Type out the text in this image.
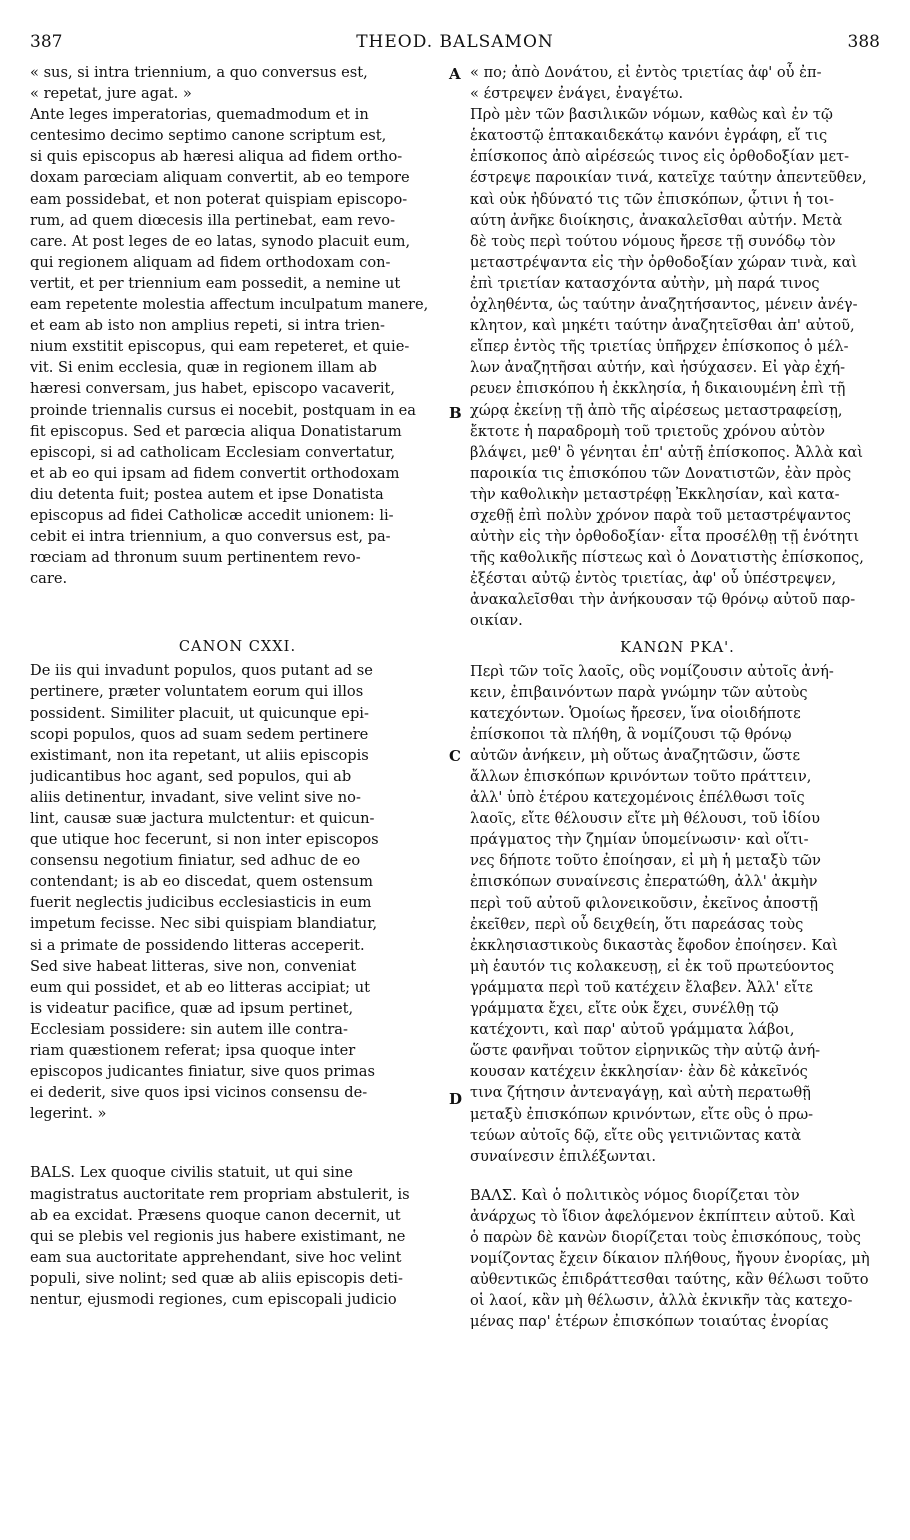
387	THEOD. BALSAMON	388
A
B
C
D
« sus, si intra triennium, a quo conversus est,
« repetat, jure agat. »
Ante leges imperatorias, quemadmodum et in
centesimo decimo septimo canone scriptum est,
si quis episcopus ab hæresi aliqua ad fidem ortho-
doxam parœciam aliquam convertit, ab eo tempore
eam possidebat, et non poterat quispiam episcopo-
rum, ad quem diœcesis illa pertinebat, eam revo-
care. At post leges de eo latas, synodo placuit eum,
qui regionem aliquam ad fidem orthodoxam con-
vertit, et per triennium eam possedit, a nemine ut
eam repetente molestia affectum inculpatum manere,
et eam ab isto non amplius repeti, si intra trien-
nium exstitit episcopus, qui eam repeteret, et quie-
vit. Si enim ecclesia, quæ in regionem illam ab
hæresi conversam, jus habet, episcopo vacaverit,
proinde triennalis cursus ei nocebit, postquam in ea
fit episcopus. Sed et parœcia aliqua Donatistarum
episcopi, si ad catholicam Ecclesiam convertatur,
et ab eo qui ipsam ad fidem convertit orthodoxam
diu detenta fuit; postea autem et ipse Donatista
episcopus ad fidei Catholicæ accedit unionem: li-
cebit ei intra triennium, a quo conversus est, pa-
rœciam ad thronum suum pertinentem revo-
care.
CANON CXXI.
De iis qui invadunt populos, quos putant ad se
pertinere, præter voluntatem eorum qui illos
possident. Similiter placuit, ut quicunque epi-
scopi populos, quos ad suam sedem pertinere
existimant, non ita repetant, ut aliis episcopis
judicantibus hoc agant, sed populos, qui ab
aliis detinentur, invadant, sive velint sive no-
lint, causæ suæ jactura mulctentur: et quicun-
que utique hoc fecerunt, si non inter episcopos
consensu negotium finiatur, sed adhuc de eo
contendant; is ab eo discedat, quem ostensum
fuerit neglectis judicibus ecclesiasticis in eum
impetum fecisse. Nec sibi quispiam blandiatur,
si a primate de possidendo litteras acceperit.
Sed sive habeat litteras, sive non, conveniat
eum qui possidet, et ab eo litteras accipiat; ut
is videatur pacifice, quæ ad ipsum pertinet,
Ecclesiam possidere: sin autem ille contra-
riam quæstionem referat; ipsa quoque inter
episcopos judicantes finiatur, sive quos primas
ei dederit, sive quos ipsi vicinos consensu de-
legerint. »
BALS. Lex quoque civilis statuit, ut qui sine
magistratus auctoritate rem propriam abstulerit, is
ab ea excidat. Præsens quoque canon decernit, ut
qui se plebis vel regionis jus habere existimant, ne
eam sua auctoritate apprehendant, sive hoc velint
populi, sive nolint; sed quæ ab aliis episcopis deti-
nentur, ejusmodi regiones, cum episcopali judicio
« πο; ἀπὸ Δονάτου, εἰ ἐντὸς τριετίας ἀφ' οὗ ἐπ-
« έστρεψεν ἐνάγει, ἐναγέτω.
Πρὸ μὲν τῶν βασιλικῶν νόμων, καθὼς καὶ ἐν τῷ
ἑκατοστῷ ἑπτακαιδεκάτῳ κανόνι ἐγράφη, εἴ τις
ἐπίσκοπος ἀπὸ αἱρέσεώς τινος εἰς ὀρθοδοξίαν μετ-
έστρεψε παροικίαν τινά, κατεῖχε ταύτην ἀπεντεῦθεν,
καὶ οὐκ ἠδύνατό τις τῶν ἐπισκόπων, ᾧτινι ἡ τοι-
αύτη ἀνῆκε διοίκησις, ἀνακαλεῖσθαι αὐτήν. Μετὰ
δὲ τοὺς περὶ τούτου νόμους ἤρεσε τῇ συνόδῳ τὸν
μεταστρέψαντα εἰς τὴν ὀρθοδοξίαν χώραν τινὰ, καὶ
ἐπὶ τριετίαν κατασχόντα αὐτὴν, μὴ παρά τινος
ὀχληθέντα, ὡς ταύτην ἀναζητήσαντος, μένειν ἀνέγ-
κλητον, καὶ μηκέτι ταύτην ἀναζητεῖσθαι ἀπ' αὐτοῦ,
εἴπερ ἐντὸς τῆς τριετίας ὑπῆρχεν ἐπίσκοπος ὁ μέλ-
λων ἀναζητῆσαι αὐτήν, καὶ ἡσύχασεν. Εἰ γὰρ ἐχή-
ρευεν ἐπισκόπου ἡ ἐκκλησία, ἡ δικαιουμένη ἐπὶ τῇ
χώρᾳ ἐκείνῃ τῇ ἀπὸ τῆς αἱρέσεως μεταστραφείσῃ,
ἔκτοτε ἡ παραδρομὴ τοῦ τριετοῦς χρόνου αὐτὸν
βλάψει, μεθ' ὃ γένηται ἐπ' αὐτῇ ἐπίσκοπος. Ἀλλὰ καὶ
παροικία τις ἐπισκόπου τῶν Δονατιστῶν, ἐὰν πρὸς
τὴν καθολικὴν μεταστρέφῃ Ἐκκλησίαν, καὶ κατα-
σχεθῇ ἐπὶ πολὺν χρόνον παρὰ τοῦ μεταστρέψαντος
αὐτὴν εἰς τὴν ὀρθοδοξίαν· εἶτα προσέλθῃ τῇ ἑνότητι
τῆς καθολικῆς πίστεως καὶ ὁ Δονατιστὴς ἐπίσκοπος,
ἐξέσται αὐτῷ ἐντὸς τριετίας, ἀφ' οὗ ὑπέστρεψεν,
ἀνακαλεῖσθαι τὴν ἀνήκουσαν τῷ θρόνῳ αὐτοῦ παρ-
οικίαν.
ΚΑΝΩΝ ΡΚΑ'.
Περὶ τῶν τοῖς λαοῖς, οὓς νομίζουσιν αὐτοῖς ἀνή-
κειν, ἐπιβαινόντων παρὰ γνώμην τῶν αὐτοὺς
κατεχόντων. Ὁμοίως ἤρεσεν, ἵνα οἱοιδήποτε
ἐπίσκοποι τὰ πλήθη, ἃ νομίζουσι τῷ θρόνῳ
αὐτῶν ἀνήκειν, μὴ οὕτως ἀναζητῶσιν, ὥστε
ἄλλων ἐπισκόπων κρινόντων τοῦτο πράττειν,
ἀλλ' ὑπὸ ἑτέρου κατεχομένοις ἐπέλθωσι τοῖς
λαοῖς, εἴτε θέλουσιν εἴτε μὴ θέλουσι, τοῦ ἰδίου
πράγματος τὴν ζημίαν ὑπομείνωσιν· καὶ οἵτι-
νες δήποτε τοῦτο ἐποίησαν, εἰ μὴ ἡ μεταξὺ τῶν
ἐπισκόπων συναίνεσις ἐπερατώθη, ἀλλ' ἀκμὴν
περὶ τοῦ αὐτοῦ φιλονεικοῦσιν, ἐκεῖνος ἀποστῇ
ἐκεῖθεν, περὶ οὗ δειχθείη, ὅτι παρεάσας τοὺς
ἐκκλησιαστικοὺς δικαστὰς ἔφοδον ἐποίησεν. Καὶ
μὴ ἑαυτόν τις κολακευσῃ, εἰ ἐκ τοῦ πρωτεύοντος
γράμματα περὶ τοῦ κατέχειν ἔλαβεν. Ἀλλ' εἴτε
γράμματα ἔχει, εἴτε οὐκ ἔχει, συνέλθῃ τῷ
κατέχοντι, καὶ παρ' αὐτοῦ γράμματα λάβοι,
ὥστε φανῆναι τοῦτον εἰρηνικῶς τὴν αὐτῷ ἀνή-
κουσαν κατέχειν ἐκκλησίαν· ἐὰν δὲ κἀκεῖνός
τινα ζήτησιν ἀντεναγάγῃ, καὶ αὐτὴ περατωθῇ
μεταξὺ ἐπισκόπων κρινόντων, εἴτε οὓς ὁ πρω-
τεύων αὐτοῖς δῷ, εἴτε οὓς γειτνιῶντας κατὰ
συναίνεσιν ἐπιλέξωνται.
ΒΑΛΣ. Καὶ ὁ πολιτικὸς νόμος διορίζεται τὸν
ἀνάρχως τὸ ἴδιον ἀφελόμενον ἐκπίπτειν αὐτοῦ. Καὶ
ὁ παρὼν δὲ κανὼν διορίζεται τοὺς ἐπισκόπους, τοὺς
νομίζοντας ἔχειν δίκαιον πλήθους, ἤγουν ἐνορίας, μὴ
αὐθεντικῶς ἐπιδράττεσθαι ταύτης, κἂν θέλωσι τοῦτο
οἱ λαοί, κἂν μὴ θέλωσιν, ἀλλὰ ἐκνικῆν τὰς κατεχο-
μένας παρ' ἑτέρων ἐπισκόπων τοιαύτας ἐνορίας
